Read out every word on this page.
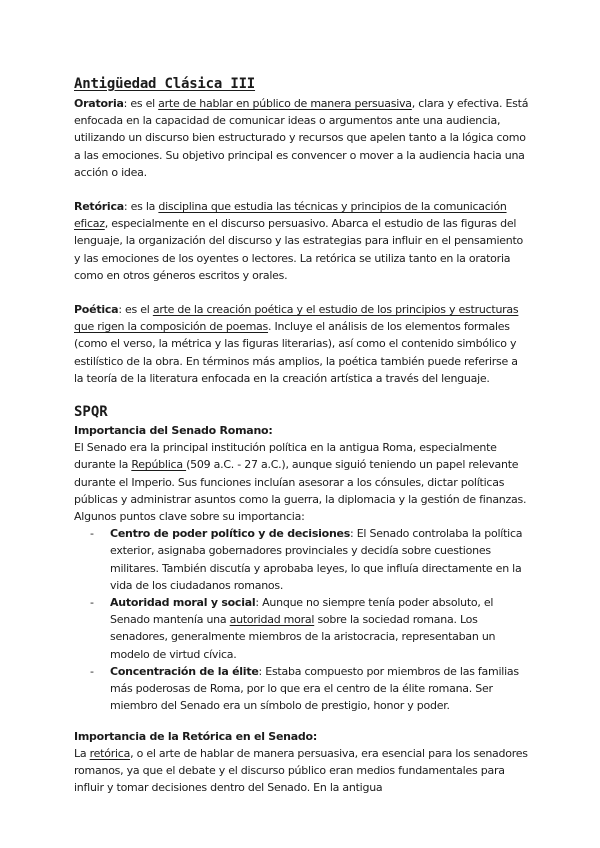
Antigüedad Clásica III

Oratoria: es el arte de hablar en público de manera persuasiva, clara y efectiva. Está enfocada en la capacidad de comunicar ideas o argumentos ante una audiencia, utilizando un discurso bien estructurado y recursos que apelen tanto a la lógica como a las emociones. Su objetivo principal es convencer o mover a la audiencia hacia una acción o idea.

Retórica: es la disciplina que estudia las técnicas y principios de la comunicación eficaz, especialmente en el discurso persuasivo. Abarca el estudio de las figuras del lenguaje, la organización del discurso y las estrategias para influir en el pensamiento y las emociones de los oyentes o lectores. La retórica se utiliza tanto en la oratoria como en otros géneros escritos y orales.

Poética: es el arte de la creación poética y el estudio de los principios y estructuras que rigen la composición de poemas. Incluye el análisis de los elementos formales (como el verso, la métrica y las figuras literarias), así como el contenido simbólico y estilístico de la obra. En términos más amplios, la poética también puede referirse a la teoría de la literatura enfocada en la creación artística a través del lenguaje.

SPQR

Importancia del Senado Romano:

El Senado era la principal institución política en la antigua Roma, especialmente durante la República (509 a.C. - 27 a.C.), aunque siguió teniendo un papel relevante durante el Imperio. Sus funciones incluían asesorar a los cónsules, dictar políticas públicas y administrar asuntos como la guerra, la diplomacia y la gestión de finanzas.

Algunos puntos clave sobre su importancia:

- Centro de poder político y de decisiones: El Senado controlaba la política exterior, asignaba gobernadores provinciales y decidía sobre cuestiones militares. También discutía y aprobaba leyes, lo que influía directamente en la vida de los ciudadanos romanos.
- Autoridad moral y social: Aunque no siempre tenía poder absoluto, el Senado mantenía una autoridad moral sobre la sociedad romana. Los senadores, generalmente miembros de la aristocracia, representaban un modelo de virtud cívica.
- Concentración de la élite: Estaba compuesto por miembros de las familias más poderosas de Roma, por lo que era el centro de la élite romana. Ser miembro del Senado era un símbolo de prestigio, honor y poder.

Importancia de la Retórica en el Senado:

La retórica, o el arte de hablar de manera persuasiva, era esencial para los senadores romanos, ya que el debate y el discurso público eran medios fundamentales para influir y tomar decisiones dentro del Senado. En la antigua
